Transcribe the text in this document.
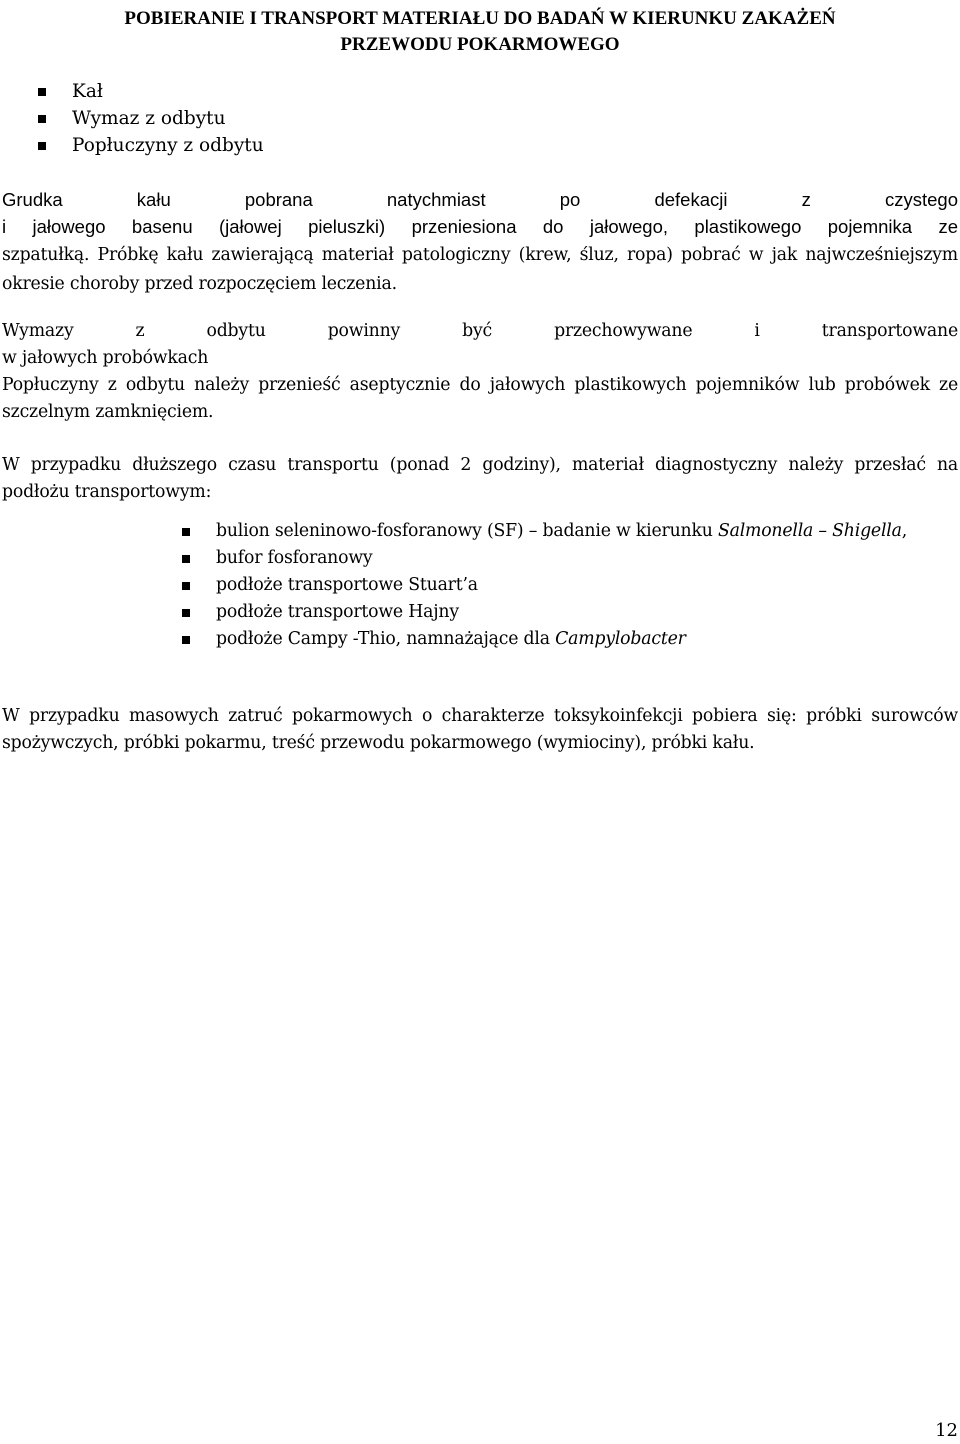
POBIERANIE I TRANSPORT MATERIAŁU DO BADAŃ W KIERUNKU ZAKAŻEŃ
PRZEWODU POKARMOWEGO
Kał
Wymaz z odbytu
Popłuczyny z odbytu

Grudka kału pobrana natychmiast po defekacji z czystego
i jałowego basenu (jałowej pieluszki) przeniesiona do jałowego, plastikowego pojemnika ze
szpatułką. Próbkę kału zawierającą materiał patologiczny (krew, śluz, ropa) pobrać w jak najwcześniejszym okresie choroby przed rozpoczęciem leczenia.

Wymazy z odbytu powinny być przechowywane i transportowane
w jałowych probówkach
Popłuczyny z odbytu należy przenieść aseptycznie do jałowych plastikowych pojemników lub probówek ze szczelnym zamknięciem.

W przypadku dłuższego czasu transportu (ponad 2 godziny), materiał diagnostyczny należy przesłać na podłożu transportowym:

bulion seleninowo-fosforanowy (SF) – badanie w kierunku Salmonella – Shigella,
bufor fosforanowy
podłoże transportowe Stuart’a
podłoże transportowe Hajny
podłoże Campy -Thio, namnażające dla Campylobacter

W przypadku masowych zatruć pokarmowych o charakterze toksykoinfekcji pobiera się: próbki surowców spożywczych, próbki pokarmu, treść przewodu pokarmowego (wymiociny), próbki kału.

12
